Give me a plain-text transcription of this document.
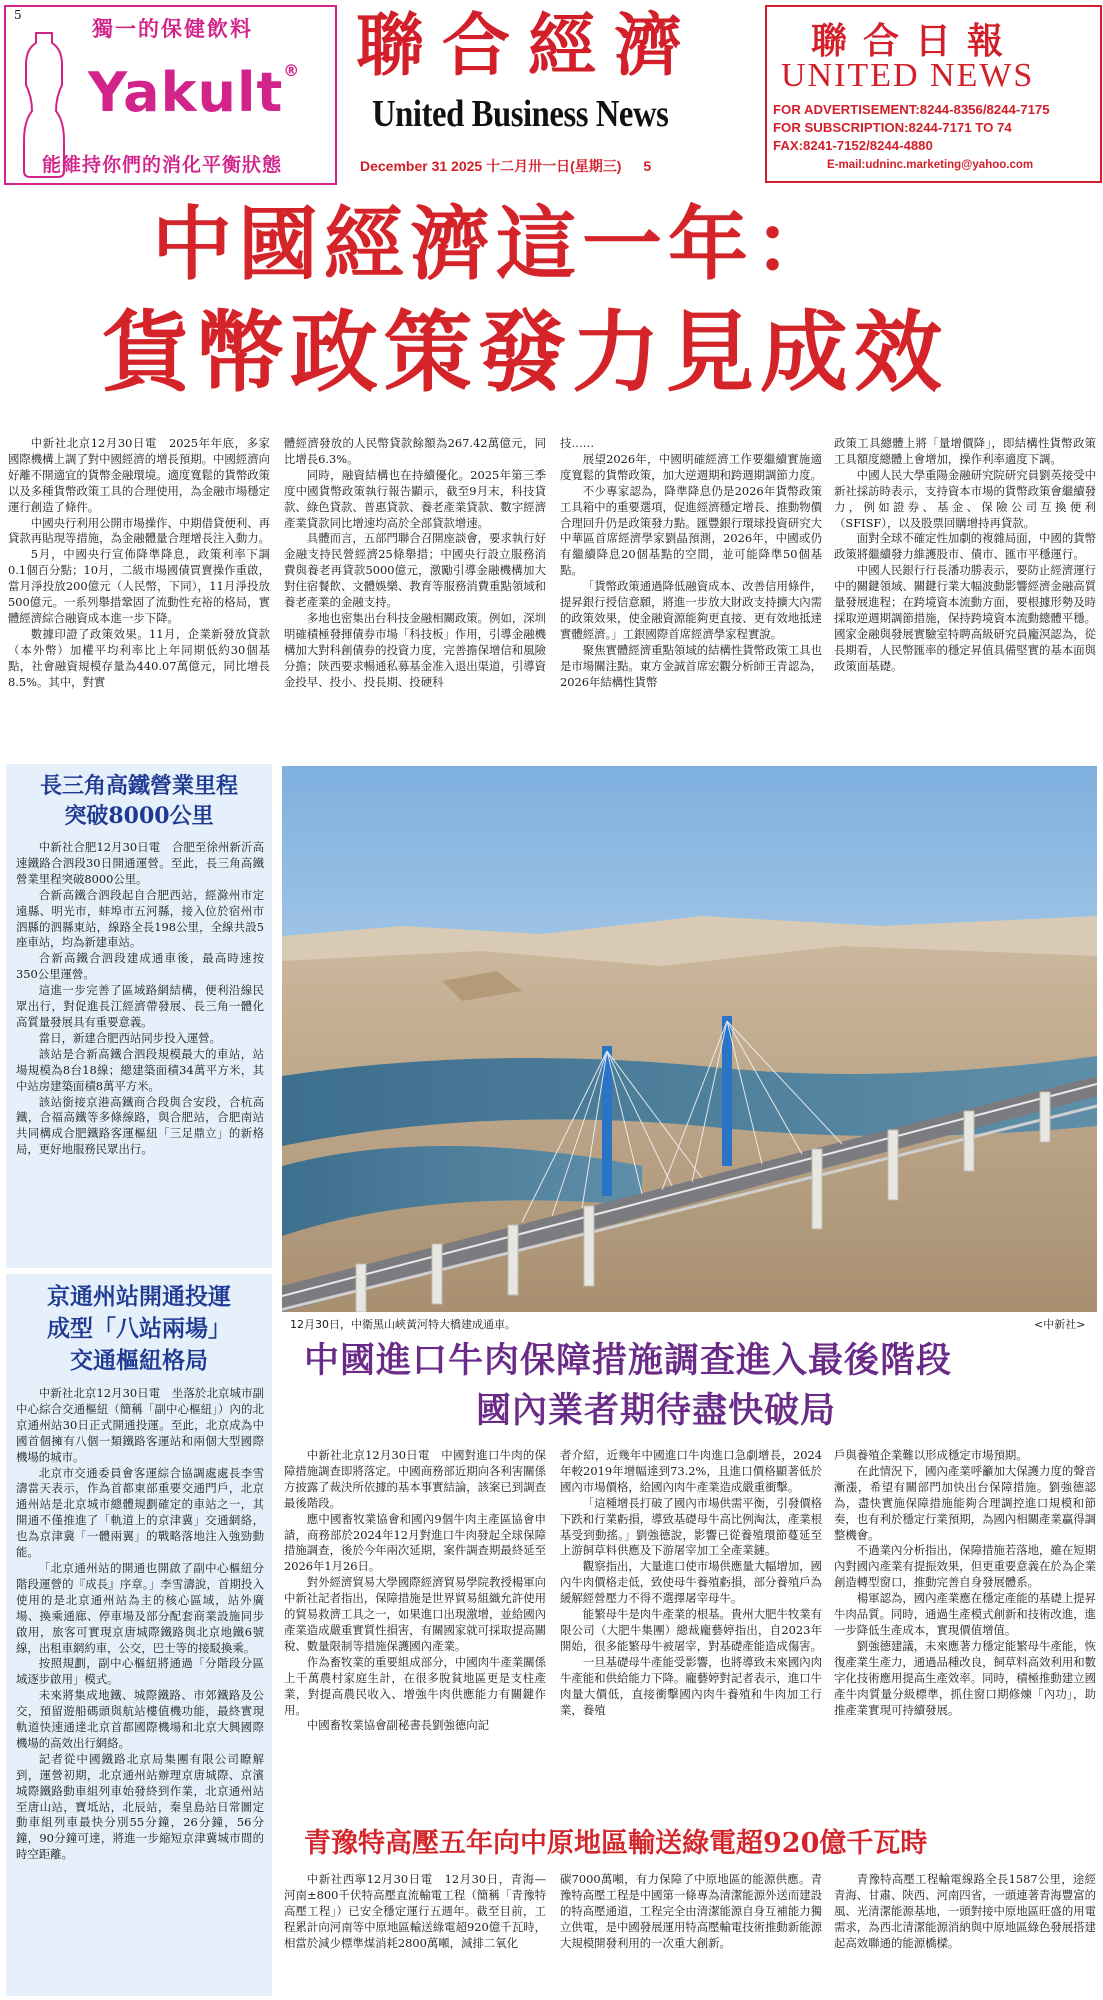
5
獨一的保健飲料
Yakult®
能維持你們的消化平衡狀態
聯合經濟
United Business News
December 31 2025 十二月卅一日(星期三) 5
聯合日報
UNITED NEWS
FOR ADVERTISEMENT:8244-8356/8244-7175
FOR SUBSCRIPTION:8244-7171 TO 74
FAX:8241-7152/8244-4880
E-mail:udninc.marketing@yahoo.com
中國經濟這一年：
貨幣政策發力見成效

中新社北京12月30日電　2025年年底，多家國際機構上調了對中國經濟的增長預期。中國經濟向好離不開適宜的貨幣金融環境。適度寬鬆的貨幣政策以及多種貨幣政策工具的合理使用，為金融市場穩定運行創造了條件。

中國央行利用公開市場操作、中期借貸便利、再貸款再貼現等措施，為金融體量合理增長注入動力。

5月，中國央行宣佈降準降息，政策利率下調0.1個百分點；10月，二級市場國債買賣操作重啟，當月淨投放200億元（人民幣，下同），11月淨投放500億元。一系列舉措鞏固了流動性充裕的格局，實體經濟綜合融資成本進一步下降。

數據印證了政策效果。11月，企業新發放貸款（本外幣）加權平均利率比上年同期低約30個基點，社會融資規模存量為440.07萬億元，同比增長8.5%。其中，對實

體經濟發放的人民幣貸款餘額為267.42萬億元，同比增長6.3%。

同時，融資結構也在持續優化。2025年第三季度中國貨幣政策執行報告顯示，截至9月末，科技貸款、綠色貸款、普惠貸款、養老產業貸款、數字經濟產業貸款同比增速均高於全部貸款增速。

具體而言，五部門聯合召開座談會，要求執行好金融支持民營經濟25條舉措；中國央行設立服務消費與養老再貸款5000億元，激勵引導金融機構加大對住宿餐飲、文體娛樂、教育等服務消費重點領域和養老產業的金融支持。

多地也密集出台科技金融相關政策。例如，深圳明確積極發揮債券市場「科技板」作用，引導金融機構加大對科創債券的投資力度，完善擔保增信和風險分擔；陝西要求暢通私募基金准入退出渠道，引導資金投早、投小、投長期、投硬科

技……

展望2026年，中國明確經濟工作要繼續實施適度寬鬆的貨幣政策，加大逆週期和跨週期調節力度。

不少專家認為，降準降息仍是2026年貨幣政策工具箱中的重要選項，促進經濟穩定增長、推動物價合理回升仍是政策發力點。匯豐銀行環球投資研究大中華區首席經濟學家劉晶預測，2026年，中國或仍有繼續降息20個基點的空間，並可能降準50個基點。

「貨幣政策通過降低融資成本、改善信用條件，提昇銀行授信意願，將進一步放大財政支持擴大內需的政策效果，使金融資源能夠更直接、更有效地抵達實體經濟。」工銀國際首席經濟學家程實說。

聚焦實體經濟重點領域的結構性貨幣政策工具也是市場關注點。東方金誠首席宏觀分析師王青認為，2026年結構性貨幣

政策工具總體上將「量增價降」，即結構性貨幣政策工具額度總體上會增加，操作利率適度下調。

中國人民大學重陽金融研究院研究員劉英接受中新社採訪時表示，支持資本市場的貨幣政策會繼續發力，例如證券、基金、保險公司互換便利（SFISF），以及股票回購增持再貸款。

面對全球不確定性加劇的複雜局面，中國的貨幣政策將繼續發力維護股市、債市、匯市平穩運行。

中國人民銀行行長潘功勝表示，要防止經濟運行中的關鍵領域、關鍵行業大幅波動影響經濟金融高質量發展進程；在跨境資本流動方面，要根據形勢及時採取逆週期調節措施，保持跨境資本流動總體平穩。國家金融與發展實驗室特聘高級研究員龐溟認為，從長期看，人民幣匯率的穩定昇值具備堅實的基本面與政策面基礎。

長三角高鐵營業里程
突破8000公里

中新社合肥12月30日電　合肥至徐州新沂高速鐵路合泗段30日開通運營。至此，長三角高鐵營業里程突破8000公里。

合新高鐵合泗段起自合肥西站，經滁州市定遠縣、明光市，蚌埠市五河縣，接入位於宿州市泗縣的泗縣東站，線路全長198公里，全線共設5座車站，均為新建車站。

合新高鐵合泗段建成通車後，最高時速按350公里運營。

這進一步完善了區域路網結構，便利沿線民眾出行，對促進長江經濟帶發展、長三角一體化高質量發展具有重要意義。

當日，新建合肥西站同步投入運營。

該站是合新高鐵合泗段規模最大的車站，站場規模為8台18線；總建築面積34萬平方米，其中站房建築面積8萬平方米。

該站銜接京港高鐵商合段與合安段，合杭高鐵，合福高鐵等多條線路，與合肥站，合肥南站共同構成合肥鐵路客運樞紐「三足鼎立」的新格局，更好地服務民眾出行。

京通州站開通投運
成型「八站兩場」
交通樞紐格局

中新社北京12月30日電　坐落於北京城市副中心綜合交通樞紐（簡稱「副中心樞紐」）內的北京通州站30日正式開通投運。至此，北京成為中國首個擁有八個一類鐵路客運站和兩個大型國際機場的城市。

北京市交通委員會客運綜合協調處處長李雪濤當天表示，作為首都東部重要交通門戶，北京通州站是北京城市總體規劃確定的車站之一，其開通不僅推進了「軌道上的京津冀」交通網絡，也為京津冀「一體兩翼」的戰略落地注入強勁動能。

「北京通州站的開通也開啟了副中心樞紐分階段運營的『成長』序章。」李雪濤說，首期投入使用的是北京通州站為主的核心區域，站外廣場、換乘通廊、停車場及部分配套商業設施同步啟用，旅客可實現京唐城際鐵路與北京地鐵6號線，出租車網約車，公交，巴士等的接駁換乘。

按照規劃，副中心樞紐將通過「分階段分區域逐步啟用」模式。

未來將集成地鐵、城際鐵路、市郊鐵路及公交，預留遊船碼頭與航站樓值機功能，最終實現軌道快速通達北京首都國際機場和北京大興國際機場的高效出行網絡。

記者從中國鐵路北京局集團有限公司瞭解到，運營初期，北京通州站辦理京唐城際、京濱城際鐵路動車組列車始發終到作業，北京通州站至唐山站，寶坻站，北辰站，秦皇島站日常圖定動車組列車最快分別55分鐘，26分鐘，56分鐘，90分鐘可達，將進一步縮短京津冀城市間的時空距離。

12月30日，中衛黑山峽黃河特大橋建成通車。	<中新社>
中國進口牛肉保障措施調查進入最後階段
國內業者期待盡快破局

中新社北京12月30日電　中國對進口牛肉的保障措施調查即將落定。中國商務部近期向各利害關係方披露了裁決所依據的基本事實結論，該案已到調查最後階段。

應中國畜牧業協會和國內9個牛肉主產區協會申請，商務部於2024年12月對進口牛肉發起全球保障措施調查，後於今年兩次延期，案件調查期最終延至2026年1月26日。

對外經濟貿易大學國際經濟貿易學院教授楊軍向中新社記者指出，保障措施是世界貿易組織允許使用的貿易救濟工具之一，如果進口出現激增，並給國內產業造成嚴重實質性損害，有關國家就可採取提高關稅、數量限制等措施保護國內產業。

作為畜牧業的重要組成部分，中國肉牛產業關係上千萬農村家庭生計，在很多脫貧地區更是支柱產業，對提高農民收入、增強牛肉供應能力有關鍵作用。

中國畜牧業協會副秘書長劉強德向記

者介紹，近幾年中國進口牛肉進口急劇增長，2024年較2019年增幅達到73.2%，且進口價格顯著低於國內市場價格，給國內肉牛產業造成嚴重衝擊。

「這種增長打破了國內市場供需平衡，引發價格下跌和行業虧損，導致基礎母牛高比例淘汰，產業根基受到動搖。」劉強德說，影響已從養殖環節蔓延至上游飼草料供應及下游屠宰加工全產業鏈。

觀察指出，大量進口使市場供應量大幅增加，國內牛肉價格走低，致使母牛養殖虧損，部分養殖戶為緩解經營壓力不得不選擇屠宰母牛。

能繁母牛是肉牛產業的根基。貴州大肥牛牧業有限公司（大肥牛集團）總裁龐藝婷指出，自2023年開始，很多能繁母牛被屠宰，對基礎產能造成傷害。

一旦基礎母牛產能受影響，也將導致未來國內肉牛產能和供給能力下降。龐藝婷對記者表示，進口牛肉量大價低，直接衝擊國內肉牛養殖和牛肉加工行業，養殖

戶與養殖企業難以形成穩定市場預期。

在此情況下，國內產業呼籲加大保護力度的聲音漸漲，希望有關部門加快出台保障措施。劉強德認為，盡快實施保障措施能夠合理調控進口規模和節奏，也有利於穩定行業預期，為國內相關產業贏得調整機會。

不過業內分析指出，保障措施若落地，雖在短期內對國內產業有提振效果，但更重要意義在於為企業創造轉型窗口，推動完善自身發展體系。

楊軍認為，國內產業應在穩定產能的基礎上提昇牛肉品質。同時，通過生產模式創新和技術改進，進一步降低生產成本，實現價值增值。

劉強德建議，未來應著力穩定能繁母牛產能，恢復產業生產力，通過品種改良，飼草料高效利用和數字化技術應用提高生產效率。同時，積極推動建立國產牛肉質量分級標準，抓住窗口期修煉「內功」，助推產業實現可持續發展。

青豫特高壓五年向中原地區輸送綠電超920億千瓦時

中新社西寧12月30日電　12月30日，青海—河南±800千伏特高壓直流輸電工程（簡稱「青豫特高壓工程」）已安全穩定運行五週年。截至目前，工程累計向河南等中原地區輸送綠電超920億千瓦時，相當於減少標準煤消耗2800萬噸，減排二氧化

碳7000萬噸，有力保障了中原地區的能源供應。青豫特高壓工程是中國第一條專為清潔能源外送而建設的特高壓通道，工程完全由清潔能源自身互補能力獨立供電，是中國發展運用特高壓輸電技術推動新能源大規模開發利用的一次重大創新。

青豫特高壓工程輸電線路全長1587公里，途經青海、甘肅、陝西、河南四省，一頭連著青海豐富的風、光清潔能源基地，一頭對接中原地區旺盛的用電需求，為西北清潔能源消納與中原地區綠色發展搭建起高效聯通的能源橋樑。
